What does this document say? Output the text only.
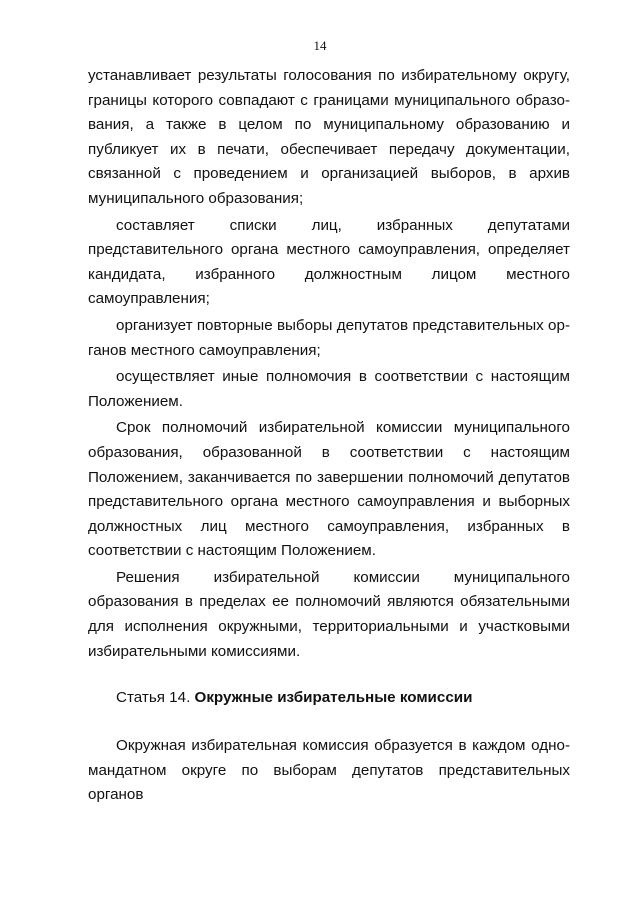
14

устанавливает результаты голосования по избирательному округу, границы которого совпадают с границами муниципального образования, а также в целом по муниципальному образованию и публикует их в печати, обеспечивает передачу документации, связанной с проведением и организацией выборов, в архив муниципального образования;

составляет списки лиц, избранных депутатами представительного органа местного самоуправления, определяет кандидата, избранного должностным лицом местного самоуправления;

организует повторные выборы депутатов представительных органов местного самоуправления;

осуществляет иные полномочия в соответствии с настоящим Положением.

Срок полномочий избирательной комиссии муниципального образования, образованной в соответствии с настоящим Положением, заканчивается по завершении полномочий депутатов представительного органа местного самоуправления и выборных должностных лиц местного самоуправления, избранных в соответствии с настоящим Положением.

Решения избирательной комиссии муниципального образования в пределах ее полномочий являются обязательными для исполнения окружными, территориальными и участковыми избирательными комиссиями.

Статья 14. Окружные избирательные комиссии

Окружная избирательная комиссия образуется в каждом одномандатном округе по выборам депутатов представительных органов
